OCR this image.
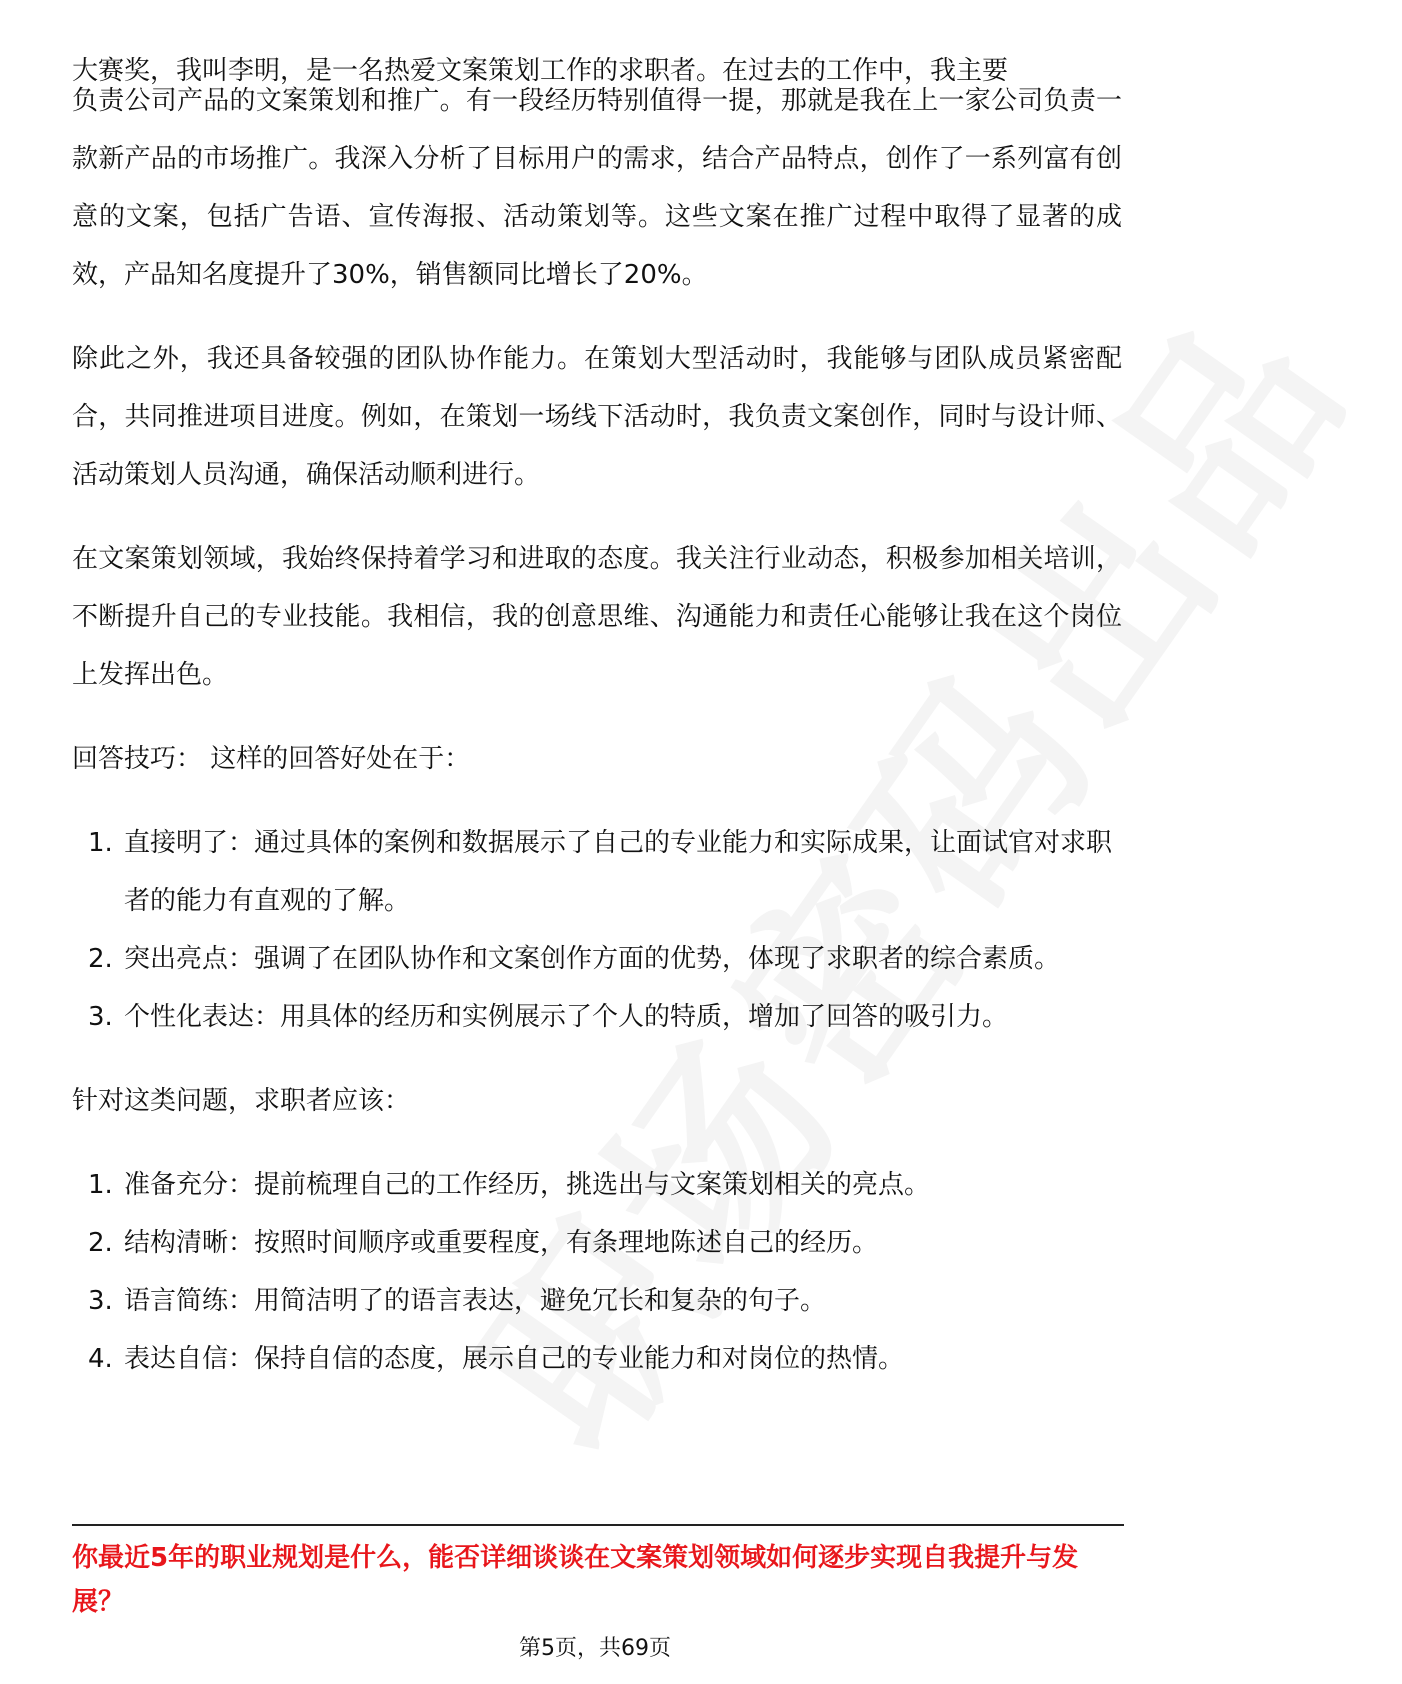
大赛奖，我叫李明，是一名热爱文案策划工作的求职者。在过去的工作中，我主要

负责公司产品的文案策划和推广。有一段经历特别值得一提，那就是我在上一家公司负责一款新产品的市场推广。我深入分析了目标用户的需求，结合产品特点，创作了一系列富有创意的文案，包括广告语、宣传海报、活动策划等。这些文案在推广过程中取得了显著的成效，产品知名度提升了30%，销售额同比增长了20%。

除此之外，我还具备较强的团队协作能力。在策划大型活动时，我能够与团队成员紧密配合，共同推进项目进度。例如，在策划一场线下活动时，我负责文案创作，同时与设计师、活动策划人员沟通，确保活动顺利进行。

在文案策划领域，我始终保持着学习和进取的态度。我关注行业动态，积极参加相关培训，不断提升自己的专业技能。我相信，我的创意思维、沟通能力和责任心能够让我在这个岗位上发挥出色。

回答技巧： 这样的回答好处在于：

1. 直接明了：通过具体的案例和数据展示了自己的专业能力和实际成果，让面试官对求职者的能力有直观的了解。
2. 突出亮点：强调了在团队协作和文案创作方面的优势，体现了求职者的综合素质。
3. 个性化表达：用具体的经历和实例展示了个人的特质，增加了回答的吸引力。

针对这类问题，求职者应该：

1. 准备充分：提前梳理自己的工作经历，挑选出与文案策划相关的亮点。
2. 结构清晰：按照时间顺序或重要程度，有条理地陈述自己的经历。
3. 语言简练：用简洁明了的语言表达，避免冗长和复杂的句子。
4. 表达自信：保持自信的态度，展示自己的专业能力和对岗位的热情。
你最近5年的职业规划是什么，能否详细谈谈在文案策划领域如何逐步实现自我提升与发展？
第5页，共69页
